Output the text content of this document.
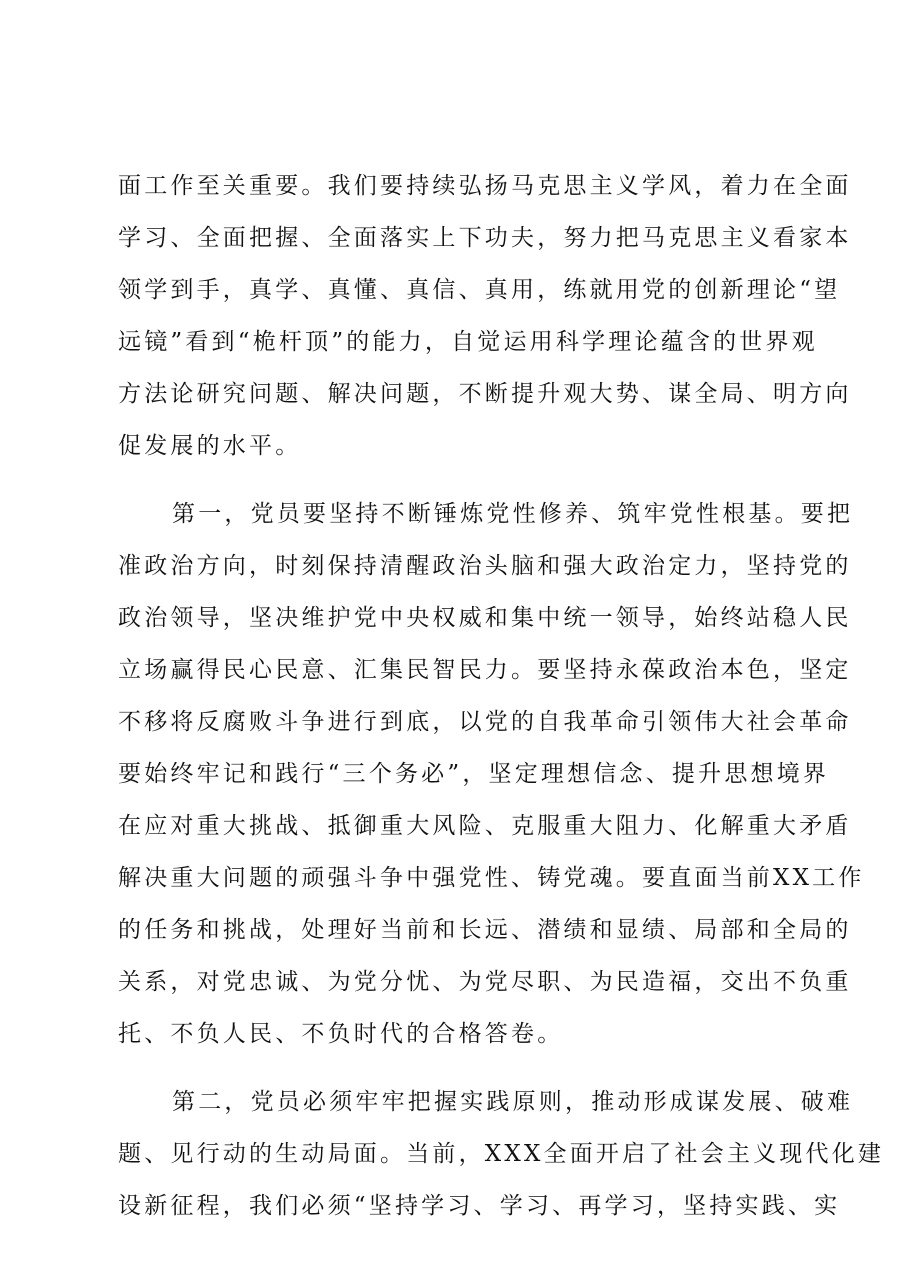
面工作至关重要。我们要持续弘扬马克思主义学风，着力在全面
学习、全面把握、全面落实上下功夫，努力把马克思主义看家本
领学到手，真学、真懂、真信、真用，练就用党的创新理论“望
远镜”看到“桅杆顶”的能力，自觉运用科学理论蕴含的世界观
方法论研究问题、解决问题，不断提升观大势、谋全局、明方向
促发展的水平。
第一，党员要坚持不断锤炼党性修养、筑牢党性根基。要把
准政治方向，时刻保持清醒政治头脑和强大政治定力，坚持党的
政治领导，坚决维护党中央权威和集中统一领导，始终站稳人民
立场赢得民心民意、汇集民智民力。要坚持永葆政治本色，坚定
不移将反腐败斗争进行到底，以党的自我革命引领伟大社会革命
要始终牢记和践行“三个务必”，坚定理想信念、提升思想境界
在应对重大挑战、抵御重大风险、克服重大阻力、化解重大矛盾
解决重大问题的顽强斗争中强党性、铸党魂。要直面当前XX工作
的任务和挑战，处理好当前和长远、潜绩和显绩、局部和全局的
关系，对党忠诚、为党分忧、为党尽职、为民造福，交出不负重
托、不负人民、不负时代的合格答卷。
第二，党员必须牢牢把握实践原则，推动形成谋发展、破难
题、见行动的生动局面。当前，XXX全面开启了社会主义现代化建
设新征程，我们必须“坚持学习、学习、再学习，坚持实践、实
